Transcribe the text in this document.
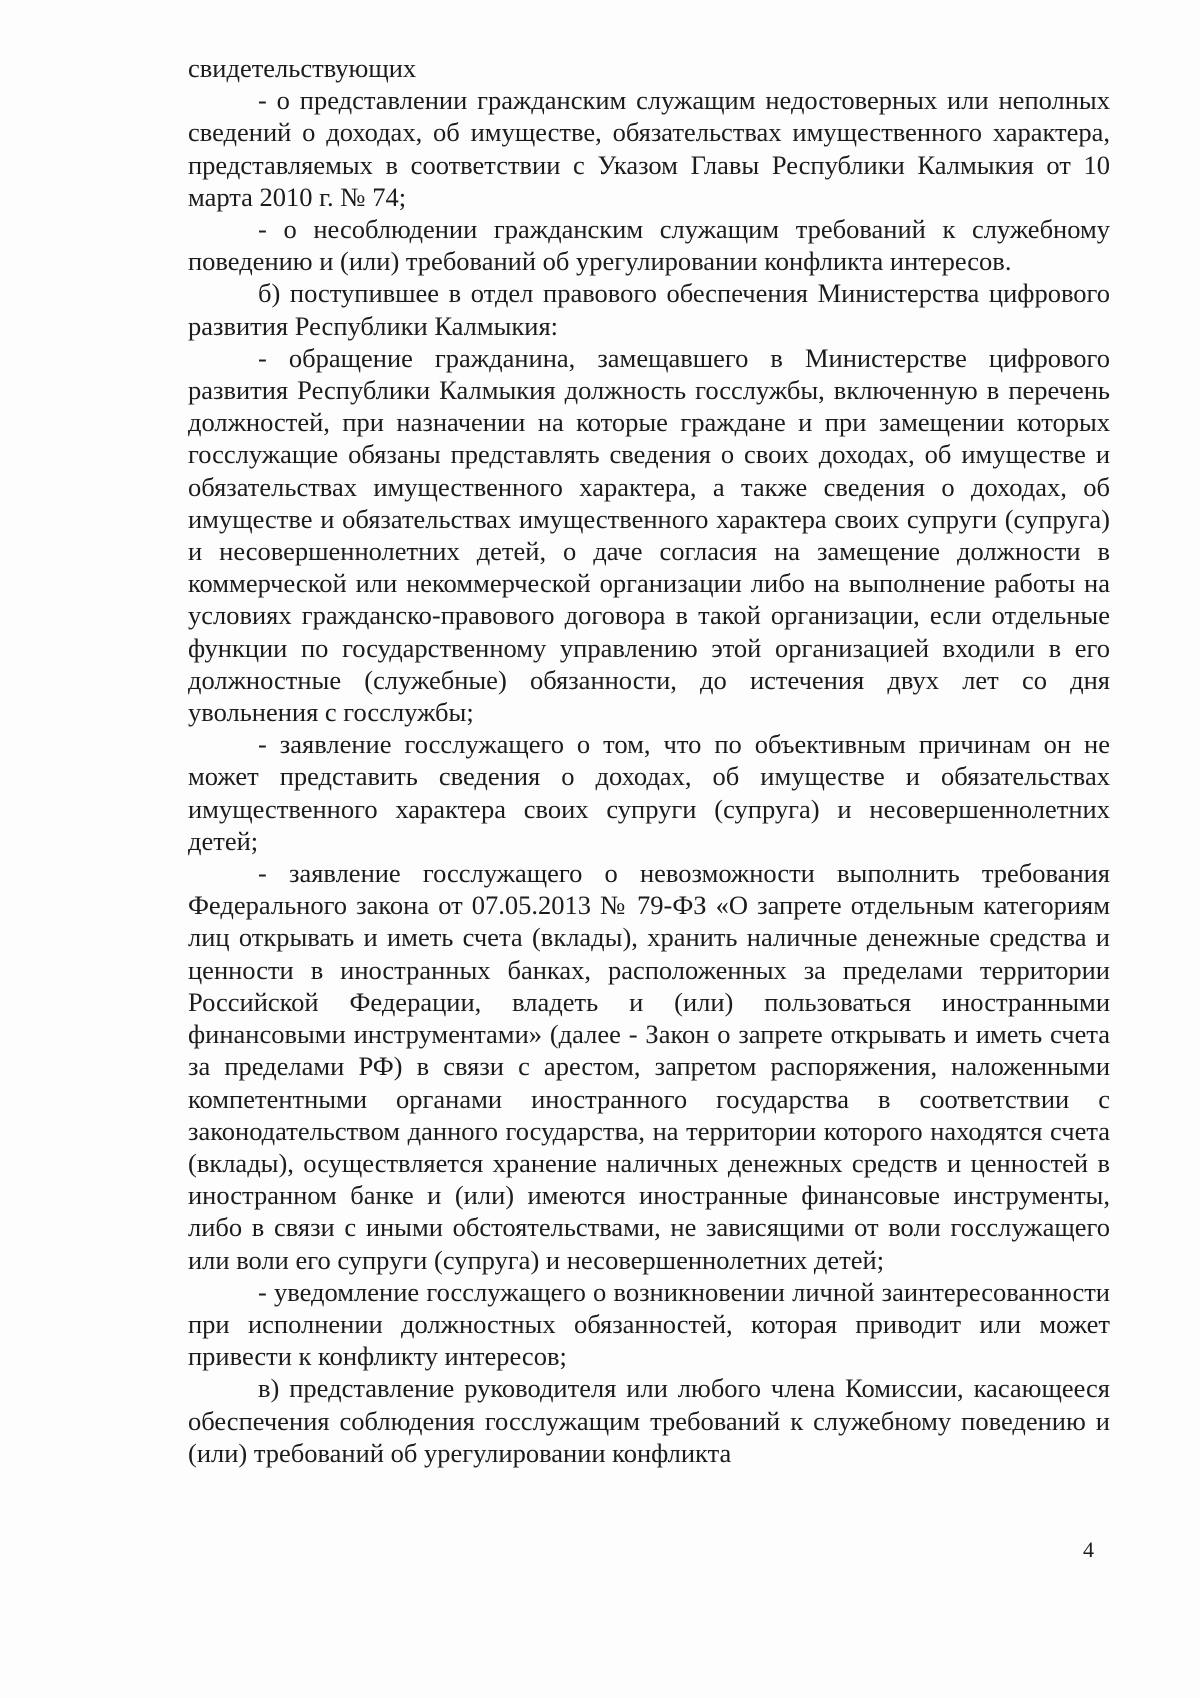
свидетельствующих

- о представлении гражданским служащим недостоверных или неполных сведений о доходах, об имуществе, обязательствах имущественного характера, представляемых в соответствии с Указом Главы Республики Калмыкия от 10 марта 2010 г. № 74;

- о несоблюдении гражданским служащим требований к служебному поведению и (или) требований об урегулировании конфликта интересов.

б) поступившее в отдел правового обеспечения Министерства цифрового развития Республики Калмыкия:

- обращение гражданина, замещавшего в Министерстве цифрового развития Республики Калмыкия должность госслужбы, включенную в перечень должностей, при назначении на которые граждане и при замещении которых госслужащие обязаны представлять сведения о своих доходах, об имуществе и обязательствах имущественного характера, а также сведения о доходах, об имуществе и обязательствах имущественного характера своих супруги (супруга) и несовершеннолетних детей, о даче согласия на замещение должности в коммерческой или некоммерческой организации либо на выполнение работы на условиях гражданско-правового договора в такой организации, если отдельные функции по государственному управлению этой организацией входили в его должностные (служебные) обязанности, до истечения двух лет со дня увольнения с госслужбы;

- заявление госслужащего о том, что по объективным причинам он не может представить сведения о доходах, об имуществе и обязательствах имущественного характера своих супруги (супруга) и несовершеннолетних детей;

- заявление госслужащего о невозможности выполнить требования Федерального закона от 07.05.2013 № 79-ФЗ «О запрете отдельным категориям лиц открывать и иметь счета (вклады), хранить наличные денежные средства и ценности в иностранных банках, расположенных за пределами территории Российской Федерации, владеть и (или) пользоваться иностранными финансовыми инструментами» (далее - Закон о запрете открывать и иметь счета за пределами РФ) в связи с арестом, запретом распоряжения, наложенными компетентными органами иностранного государства в соответствии с законодательством данного государства, на территории которого находятся счета (вклады), осуществляется хранение наличных денежных средств и ценностей в иностранном банке и (или) имеются иностранные финансовые инструменты, либо в связи с иными обстоятельствами, не зависящими от воли госслужащего или воли его супруги (супруга) и несовершеннолетних детей;

- уведомление госслужащего о возникновении личной заинтересованности при исполнении должностных обязанностей, которая приводит или может привести к конфликту интересов;

в) представление руководителя или любого члена Комиссии, касающееся обеспечения соблюдения госслужащим требований к служебному поведению и (или) требований об урегулировании конфликта

4
